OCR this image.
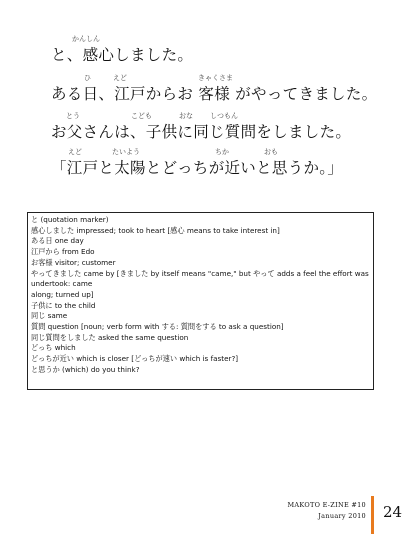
かんしん
と、感心しました。
ひ	えど	きゃくさま
ある日、江戸からお 客様 がやってきました。
とう	こども	おな しつもん
お父さんは、子供に同じ質問をしました。
えど	たいよう	ちか	おも
「江戸と太陽とどっちが近いと思うか。」
と (quotation marker)
感心しました impressed; took to heart [感心 means to take interest in]
ある日 one day
江戸から from Edo
お客様 visitor; customer
やってきました came by [きました by itself means "came," but やって adds a feel the effort was undertook: came
along; turned up]
子供に to the child
同じ same
質問 question [noun; verb form with する: 質問をする to ask a question]
同じ質問をしました asked the same question
どっち which
どっちが近い which is closer [どっちが速い which is faster?]
と思うか (which) do you think?
MAKOTO E-ZINE #10
January 2010 24
